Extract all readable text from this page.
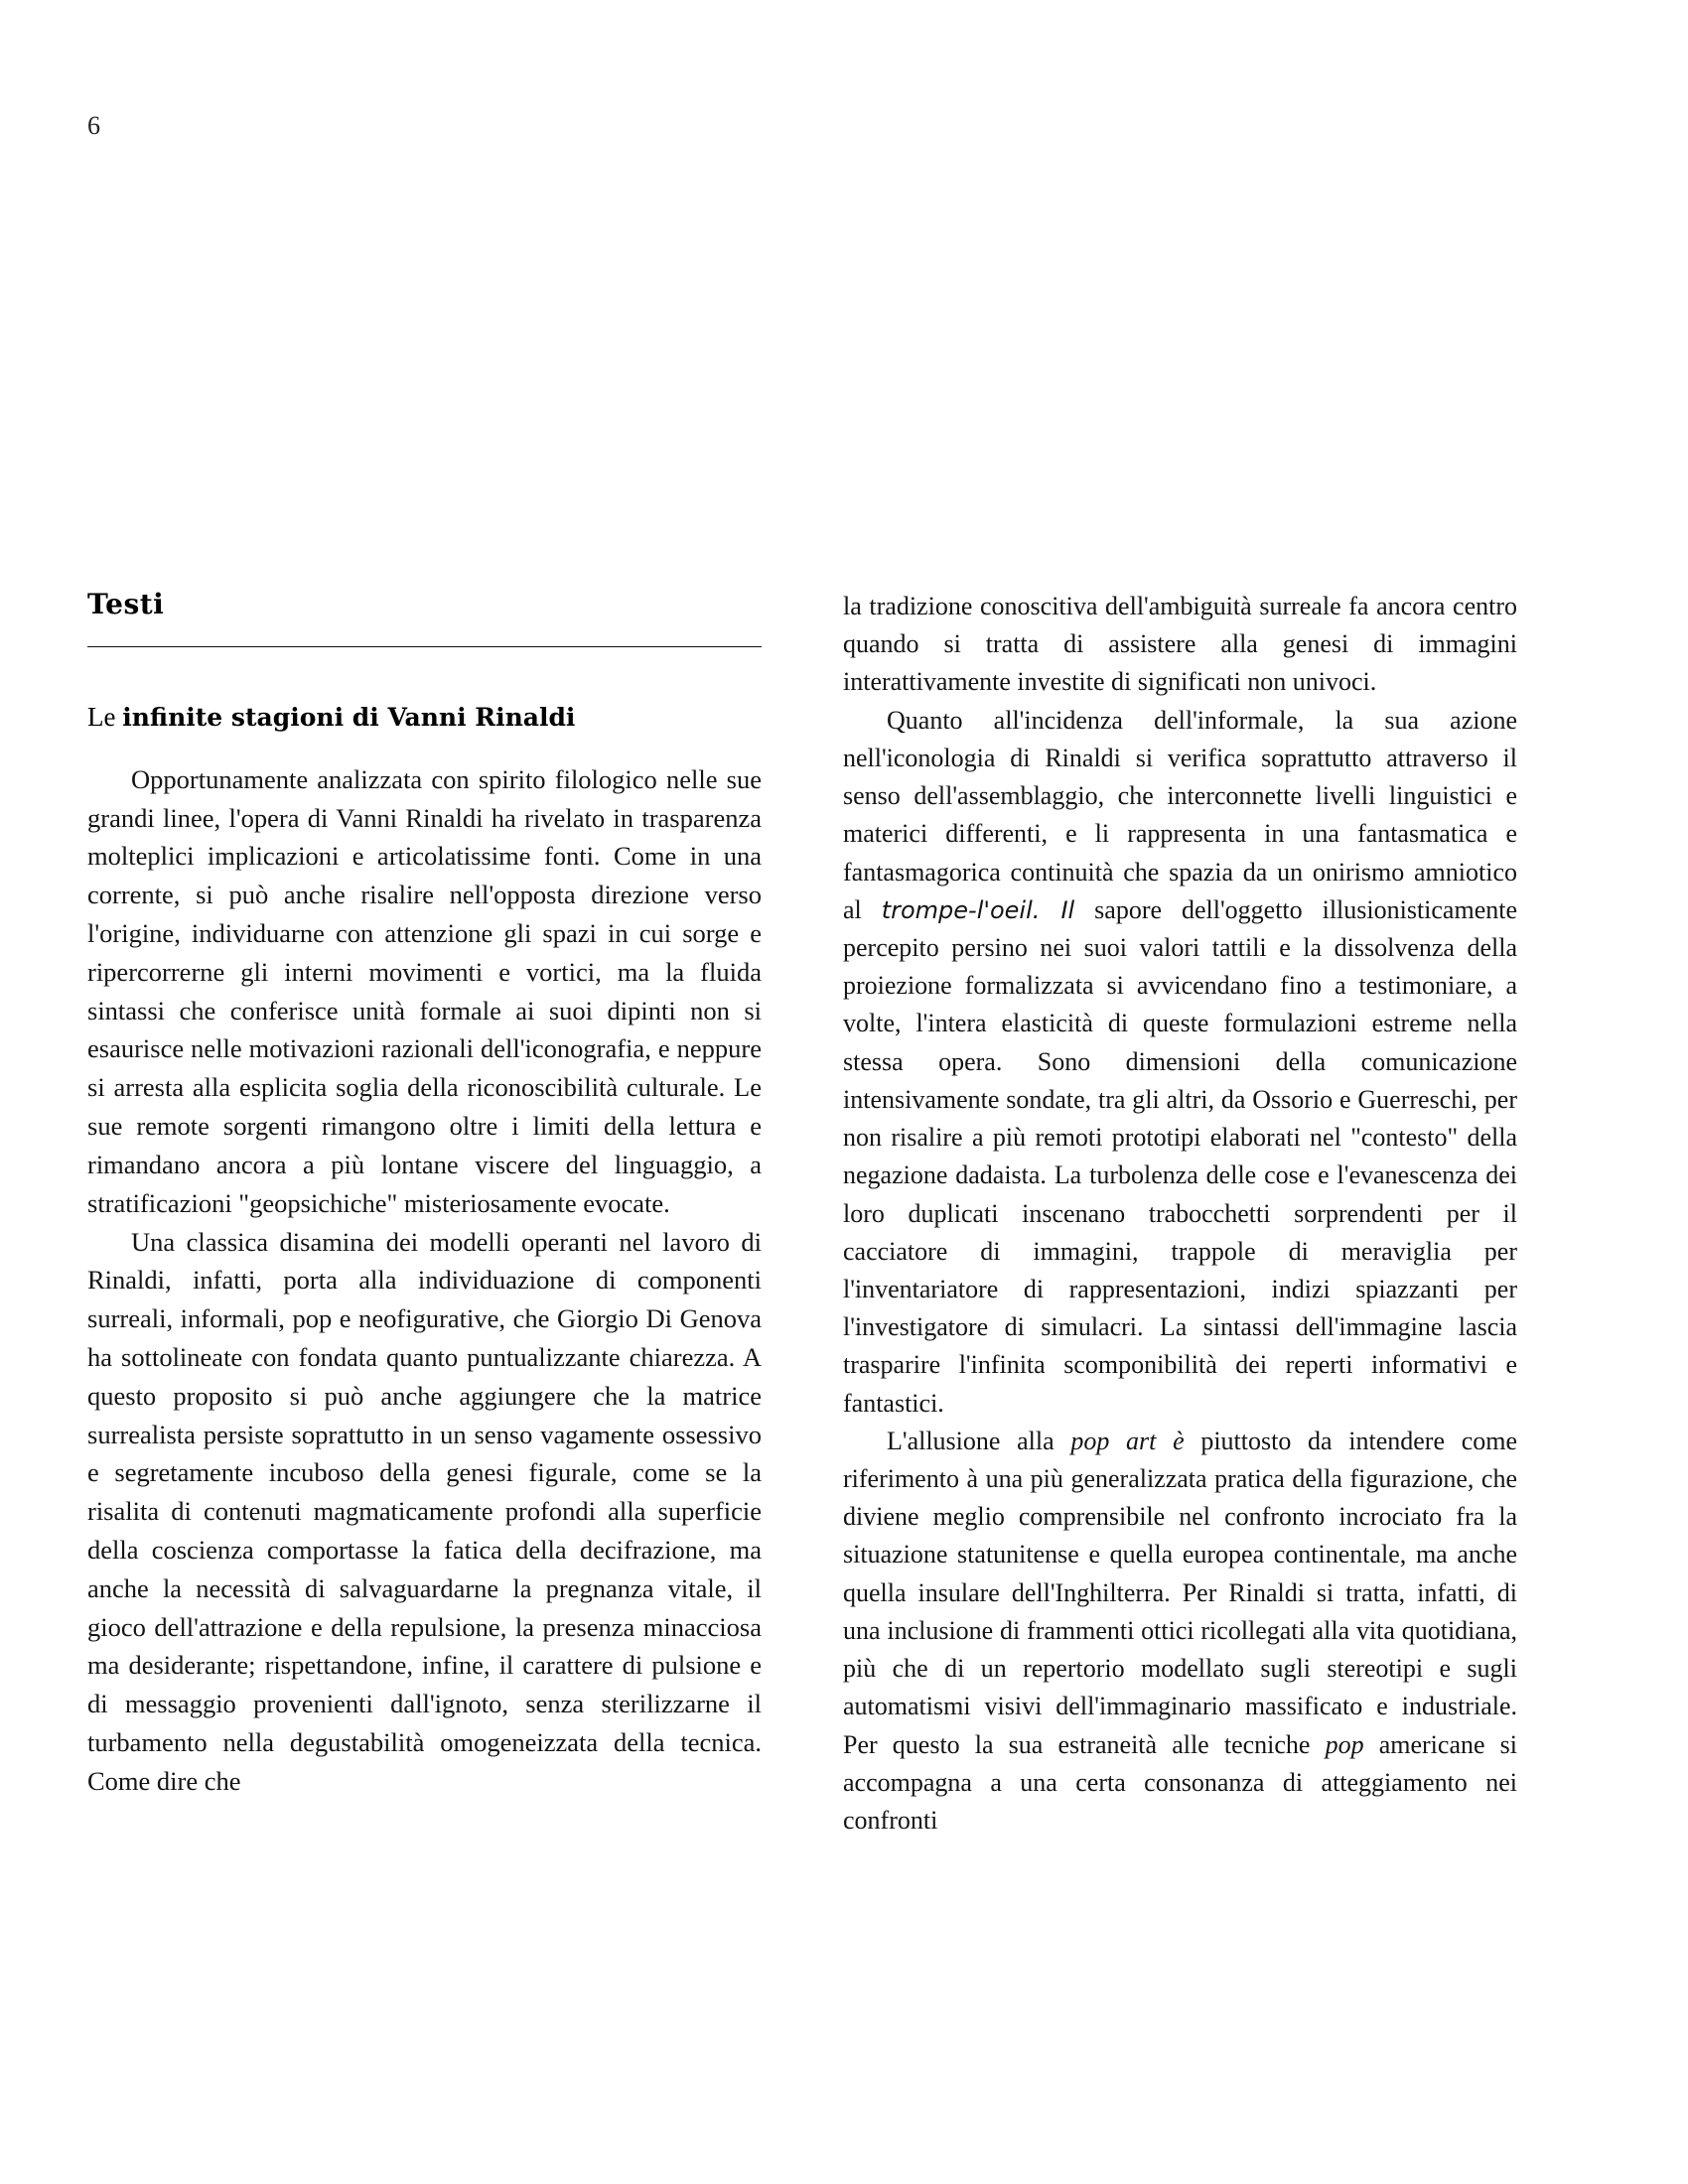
6
Testi
Le infinite stagioni di Vanni Rinaldi

Opportunamente analizzata con spirito filologico nelle sue grandi linee, l'opera di Vanni Rinaldi ha rivelato in trasparenza molteplici implicazioni e articolatissime fonti. Come in una corrente, si può anche risalire nell'opposta direzione verso l'origine, individuarne con attenzione gli spazi in cui sorge e ripercorrerne gli interni movimenti e vortici, ma la fluida sintassi che conferisce unità formale ai suoi dipinti non si esaurisce nelle motivazioni razionali dell'iconografia, e neppure si arresta alla esplicita soglia della riconoscibilità culturale. Le sue remote sorgenti rimangono oltre i limiti della lettura e rimandano ancora a più lontane viscere del linguaggio, a stratificazioni "geopsichiche" misteriosamente evocate.

Una classica disamina dei modelli operanti nel lavoro di Rinaldi, infatti, porta alla individuazione di componenti surreali, informali, pop e neofigurative, che Giorgio Di Genova ha sottolineate con fondata quanto puntualizzante chiarezza. A questo proposito si può anche aggiungere che la matrice surrealista persiste soprattutto in un senso vagamente ossessivo e segretamente incuboso della genesi figurale, come se la risalita di contenuti magmaticamente profondi alla superficie della coscienza comportasse la fatica della decifrazione, ma anche la necessità di salvaguardarne la pregnanza vitale, il gioco dell'attrazione e della repulsione, la presenza minacciosa ma desiderante; rispettandone, infine, il carattere di pulsione e di messaggio provenienti dall'ignoto, senza sterilizzarne il turbamento nella degustabilità omogeneizzata della tecnica. Come dire che

la tradizione conoscitiva dell'ambiguità surreale fa ancora centro quando si tratta di assistere alla genesi di immagini interattivamente investite di significati non univoci.

Quanto all'incidenza dell'informale, la sua azione nell'iconologia di Rinaldi si verifica soprattutto attraverso il senso dell'assemblaggio, che interconnette livelli linguistici e materici differenti, e li rappresenta in una fantasmatica e fantasmagorica continuità che spazia da un onirismo amniotico al trompe-l'oeil. Il sapore dell'oggetto illusionisticamente percepito persino nei suoi valori tattili e la dissolvenza della proiezione formalizzata si avvicendano fino a testimoniare, a volte, l'intera elasticità di queste formulazioni estreme nella stessa opera. Sono dimensioni della comunicazione intensivamente sondate, tra gli altri, da Ossorio e Guerreschi, per non risalire a più remoti prototipi elaborati nel "contesto" della negazione dadaista. La turbolenza delle cose e l'evanescenza dei loro duplicati inscenano trabocchetti sorprendenti per il cacciatore di immagini, trappole di meraviglia per l'inventariatore di rappresentazioni, indizi spiazzanti per l'investigatore di simulacri. La sintassi dell'immagine lascia trasparire l'infinita scomponibilità dei reperti informativi e fantastici.

L'allusione alla pop art è piuttosto da intendere come riferimento à una più generalizzata pratica della figurazione, che diviene meglio comprensibile nel confronto incrociato fra la situazione statunitense e quella europea continentale, ma anche quella insulare dell'Inghilterra. Per Rinaldi si tratta, infatti, di una inclusione di frammenti ottici ricollegati alla vita quotidiana, più che di un repertorio modellato sugli stereotipi e sugli automatismi visivi dell'immaginario massificato e industriale. Per questo la sua estraneità alle tecniche pop americane si accompagna a una certa consonanza di atteggiamento nei confronti
